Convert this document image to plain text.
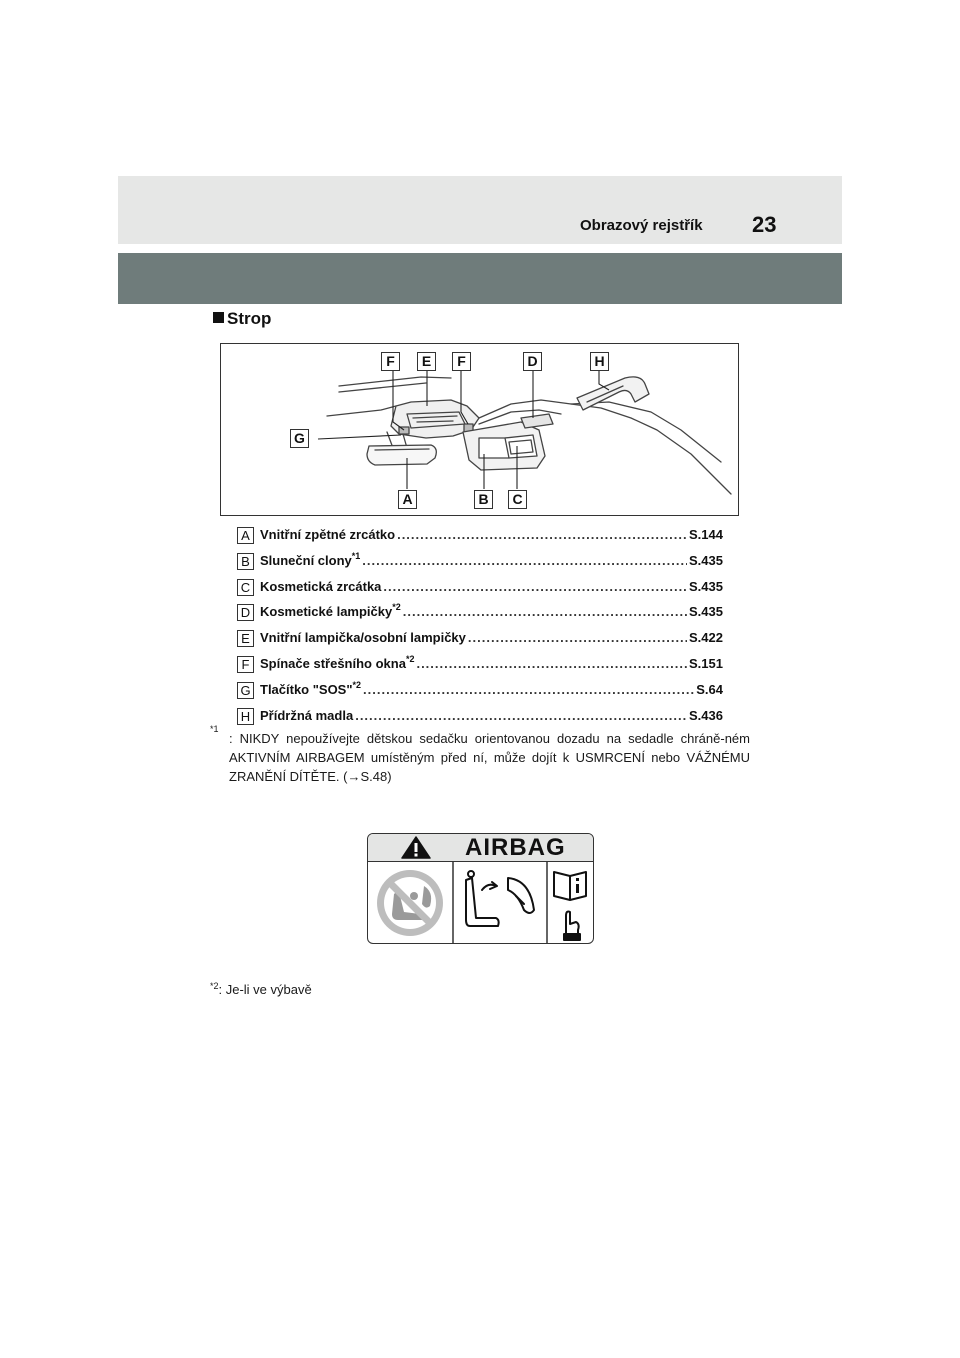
Obrazový rejstřík 23
Strop
F	E	F	D	H
G
A	B	C
A Vnitřní zpětné zrcátko .....	S.144
B Sluneční clony$^{*1}$ .....	S.435
C Kosmetická zrcátka .....	S.435
D Kosmetické lampičky$^{*2}$ .....	S.435
E Vnitřní lampička/osobní lampičky .....	S.422
F Spínače střešního okna$^{*2}$ .....	S.151
G Tlačítko "SOS"$^{*2}$ .....	S.64
H Přídržná madla .....	S.436
*1
: NIKDY nepoužívejte dětskou sedačku orientovanou dozadu na sedadle chráně-ném AKTIVNÍM AIRBAGEM umístěným před ní, může dojít k USMRCENÍ nebo VÁŽNÉMU ZRANĚNÍ DÍTĚTE. (→S.48)
AIRBAG
$^{*2}$: Je-li ve výbavě
